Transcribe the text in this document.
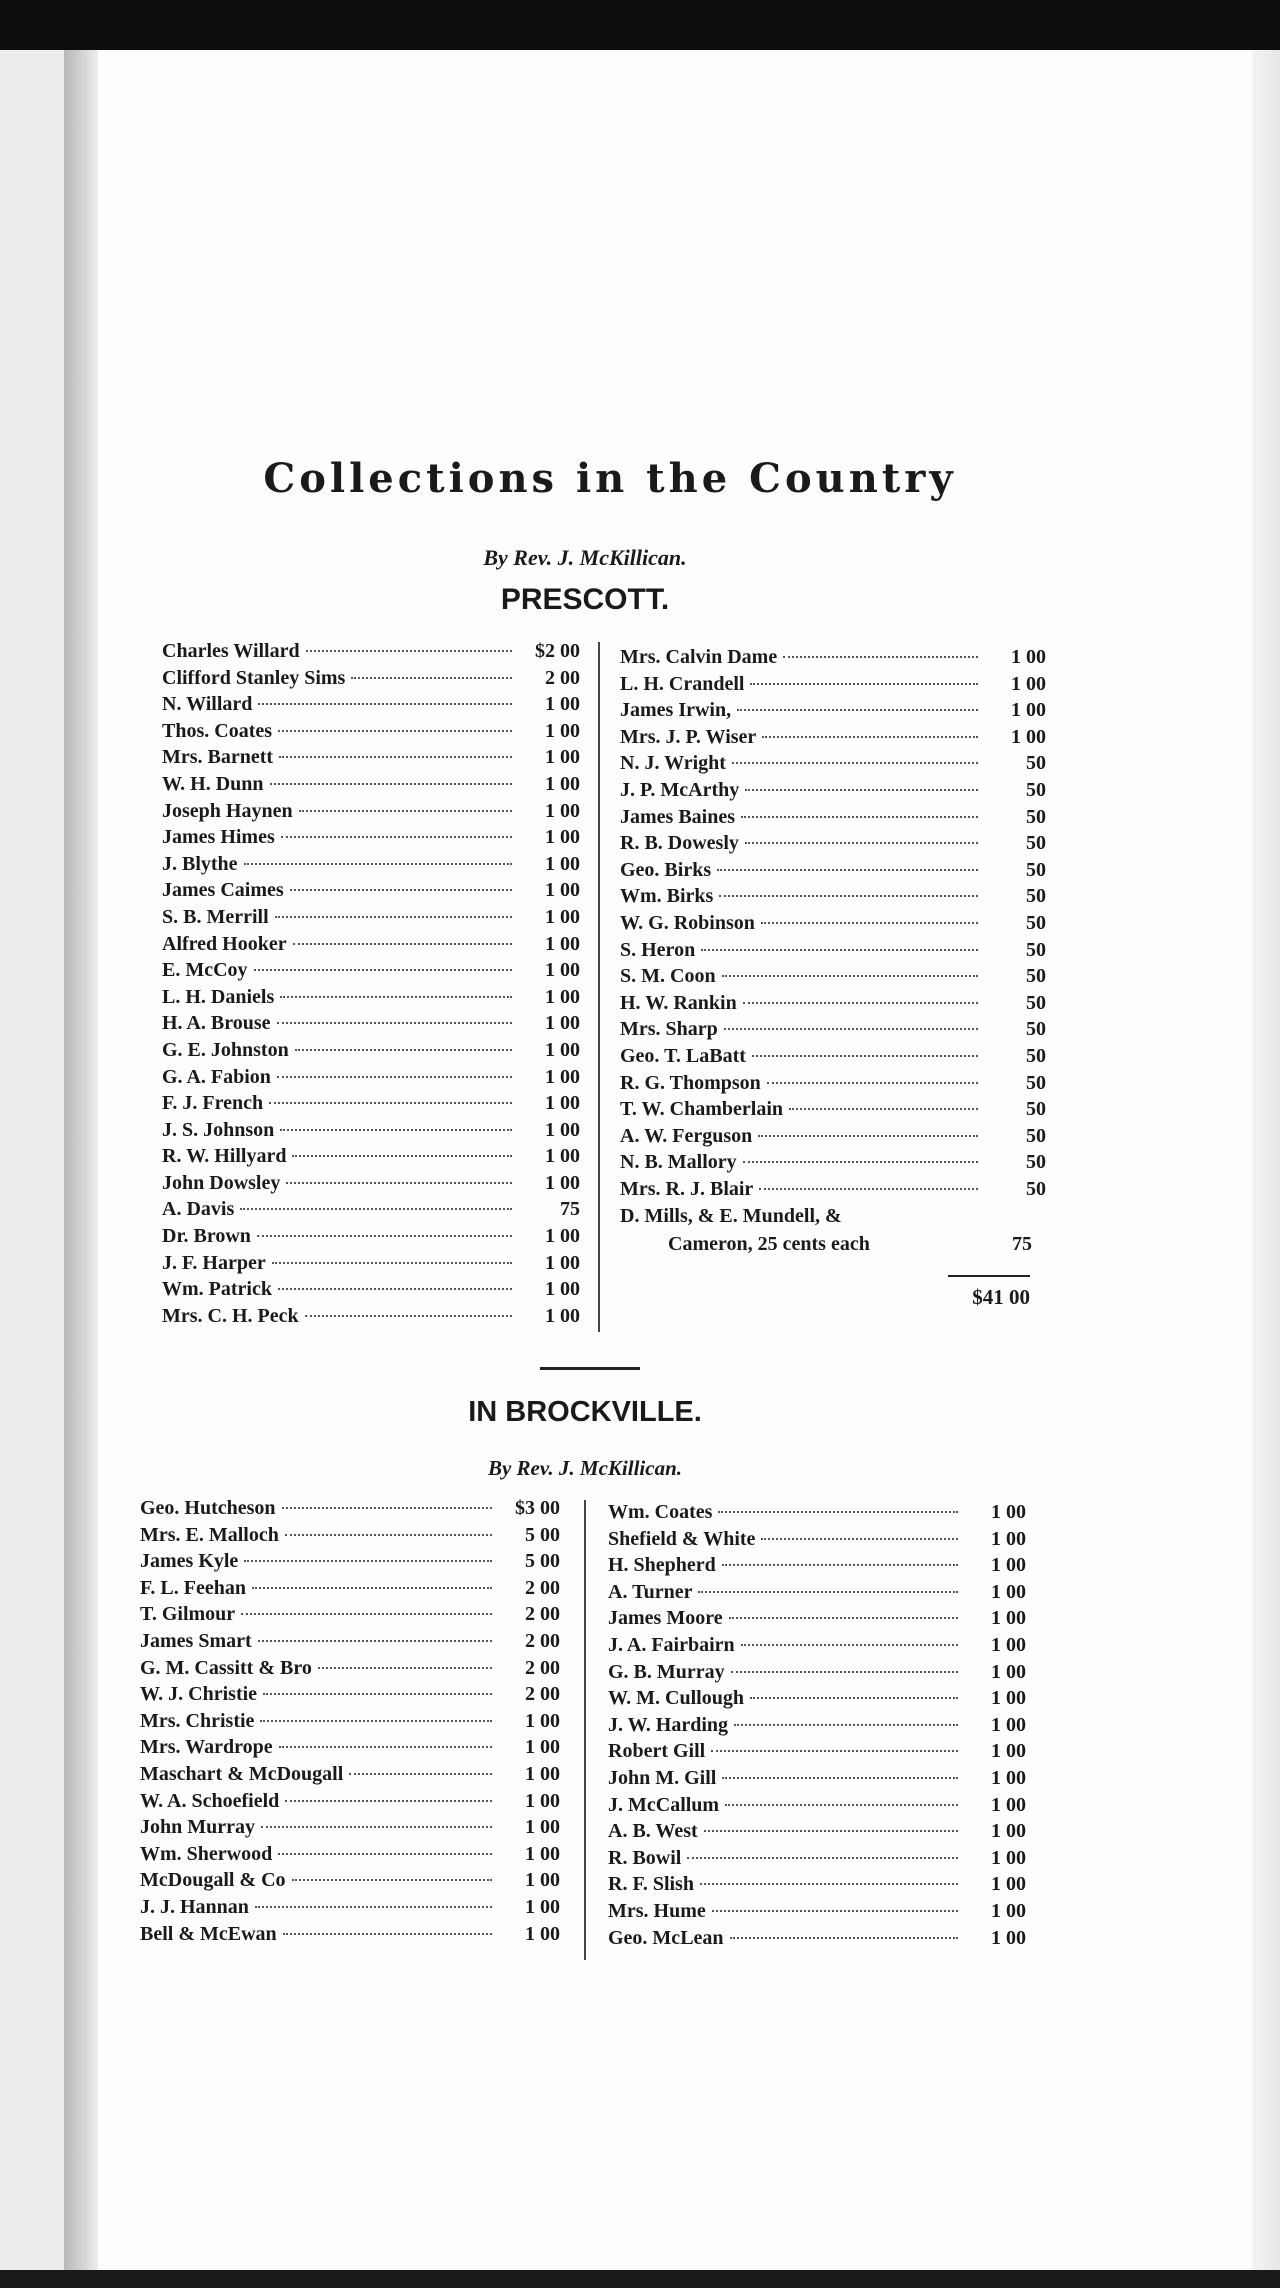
Collections in the Country

By Rev. J. McKillican.

PRESCOTT.
Charles Willard	$2 00
Clifford Stanley Sims	2 00
N. Willard	1 00
Thos. Coates	1 00
Mrs. Barnett	1 00
W. H. Dunn	1 00
Joseph Haynen	1 00
James Himes	1 00
J. Blythe	1 00
James Caimes	1 00
S. B. Merrill	1 00
Alfred Hooker	1 00
E. McCoy	1 00
L. H. Daniels	1 00
H. A. Brouse	1 00
G. E. Johnston	1 00
G. A. Fabion	1 00
F. J. French	1 00
J. S. Johnson	1 00
R. W. Hillyard	1 00
John Dowsley	1 00
A. Davis	75
Dr. Brown	1 00
J. F. Harper	1 00
Wm. Patrick	1 00
Mrs. C. H. Peck	1 00
Mrs. Calvin Dame	1 00
L. H. Crandell	1 00
James Irwin,	1 00
Mrs. J. P. Wiser	1 00
N. J. Wright	50
J. P. McArthy	50
James Baines	50
R. B. Dowesly	50
Geo. Birks	50
Wm. Birks	50
W. G. Robinson	50
S. Heron	50
S. M. Coon	50
H. W. Rankin	50
Mrs. Sharp	50
Geo. T. LaBatt	50
R. G. Thompson	50
T. W. Chamberlain	50
A. W. Ferguson	50
N. B. Mallory	50
Mrs. R. J. Blair	50
D. Mills, & E. Mundell, &
Cameron, 25 cents each	75
$41 00
IN BROCKVILLE.

By Rev. J. McKillican.

Geo. Hutcheson	$3 00
Mrs. E. Malloch	5 00
James Kyle	5 00
F. L. Feehan	2 00
T. Gilmour	2 00
James Smart	2 00
G. M. Cassitt & Bro	2 00
W. J. Christie	2 00
Mrs. Christie	1 00
Mrs. Wardrope	1 00
Maschart & McDougall	1 00
W. A. Schoefield	1 00
John Murray	1 00
Wm. Sherwood	1 00
McDougall & Co	1 00
J. J. Hannan	1 00
Bell & McEwan	1 00
Wm. Coates	1 00
Shefield & White	1 00
H. Shepherd	1 00
A. Turner	1 00
James Moore	1 00
J. A. Fairbairn	1 00
G. B. Murray	1 00
W. M. Cullough	1 00
J. W. Harding	1 00
Robert Gill	1 00
John M. Gill	1 00
J. McCallum	1 00
A. B. West	1 00
R. Bowil	1 00
R. F. Slish	1 00
Mrs. Hume	1 00
Geo. McLean	1 00
